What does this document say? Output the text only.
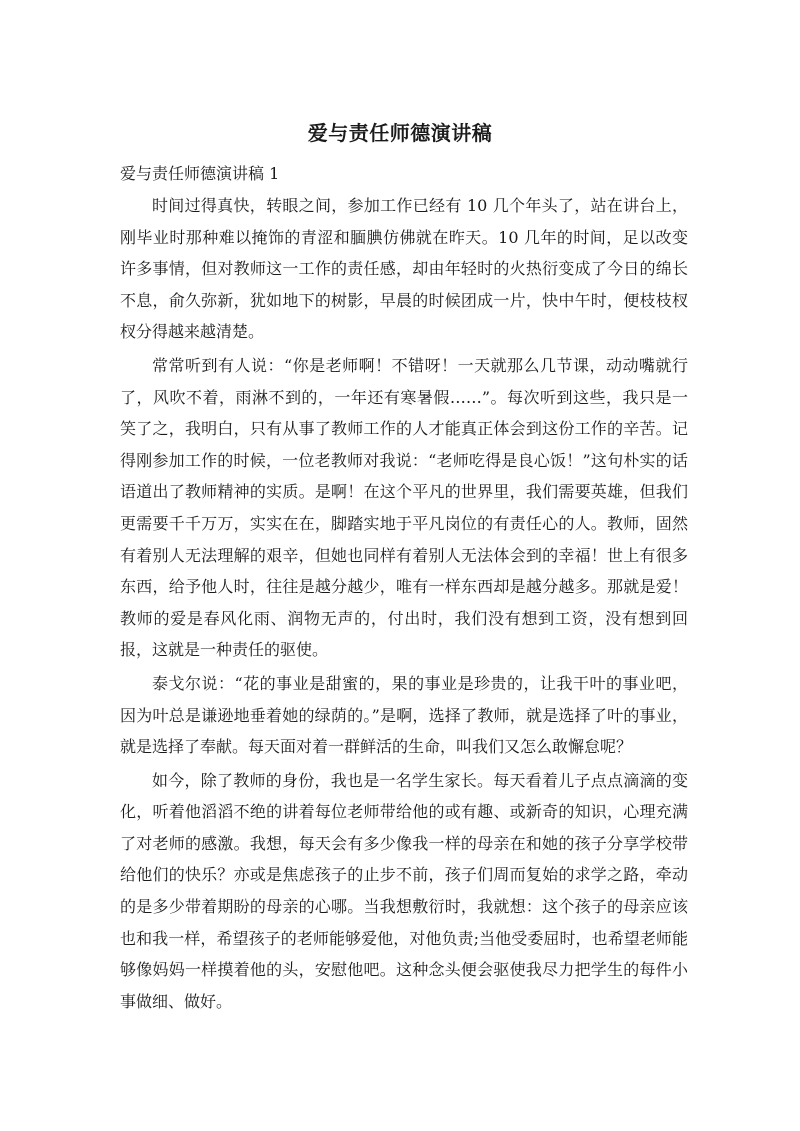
爱与责任师德演讲稿

爱与责任师德演讲稿 1

时间过得真快，转眼之间，参加工作已经有 10 几个年头了，站在讲台上，刚毕业时那种难以掩饰的青涩和腼腆仿佛就在昨天。10 几年的时间，足以改变许多事情，但对教师这一工作的责任感，却由年轻时的火热衍变成了今日的绵长不息，俞久弥新，犹如地下的树影，早晨的时候团成一片，快中午时，便枝枝杈杈分得越来越清楚。

常常听到有人说：“你是老师啊！不错呀！一天就那么几节课，动动嘴就行了，风吹不着，雨淋不到的，一年还有寒暑假……”。每次听到这些，我只是一笑了之，我明白，只有从事了教师工作的人才能真正体会到这份工作的辛苦。记得刚参加工作的时候，一位老教师对我说：“老师吃得是良心饭！”这句朴实的话语道出了教师精神的实质。是啊！在这个平凡的世界里，我们需要英雄，但我们更需要千千万万，实实在在，脚踏实地于平凡岗位的有责任心的人。教师，固然有着别人无法理解的艰辛，但她也同样有着别人无法体会到的幸福！世上有很多东西，给予他人时，往往是越分越少，唯有一样东西却是越分越多。那就是爱！教师的爱是春风化雨、润物无声的，付出时，我们没有想到工资，没有想到回报，这就是一种责任的驱使。

泰戈尔说：“花的事业是甜蜜的，果的事业是珍贵的，让我干叶的事业吧，因为叶总是谦逊地垂着她的绿荫的。”是啊，选择了教师，就是选择了叶的事业，就是选择了奉献。每天面对着一群鲜活的生命，叫我们又怎么敢懈怠呢？

如今，除了教师的身份，我也是一名学生家长。每天看着儿子点点滴滴的变化，听着他滔滔不绝的讲着每位老师带给他的或有趣、或新奇的知识，心理充满了对老师的感激。我想，每天会有多少像我一样的母亲在和她的孩子分享学校带给他们的快乐？亦或是焦虑孩子的止步不前，孩子们周而复始的求学之路，牵动的是多少带着期盼的母亲的心哪。当我想敷衍时，我就想：这个孩子的母亲应该也和我一样，希望孩子的老师能够爱他，对他负责;当他受委屈时，也希望老师能够像妈妈一样摸着他的头，安慰他吧。这种念头便会驱使我尽力把学生的每件小事做细、做好。
